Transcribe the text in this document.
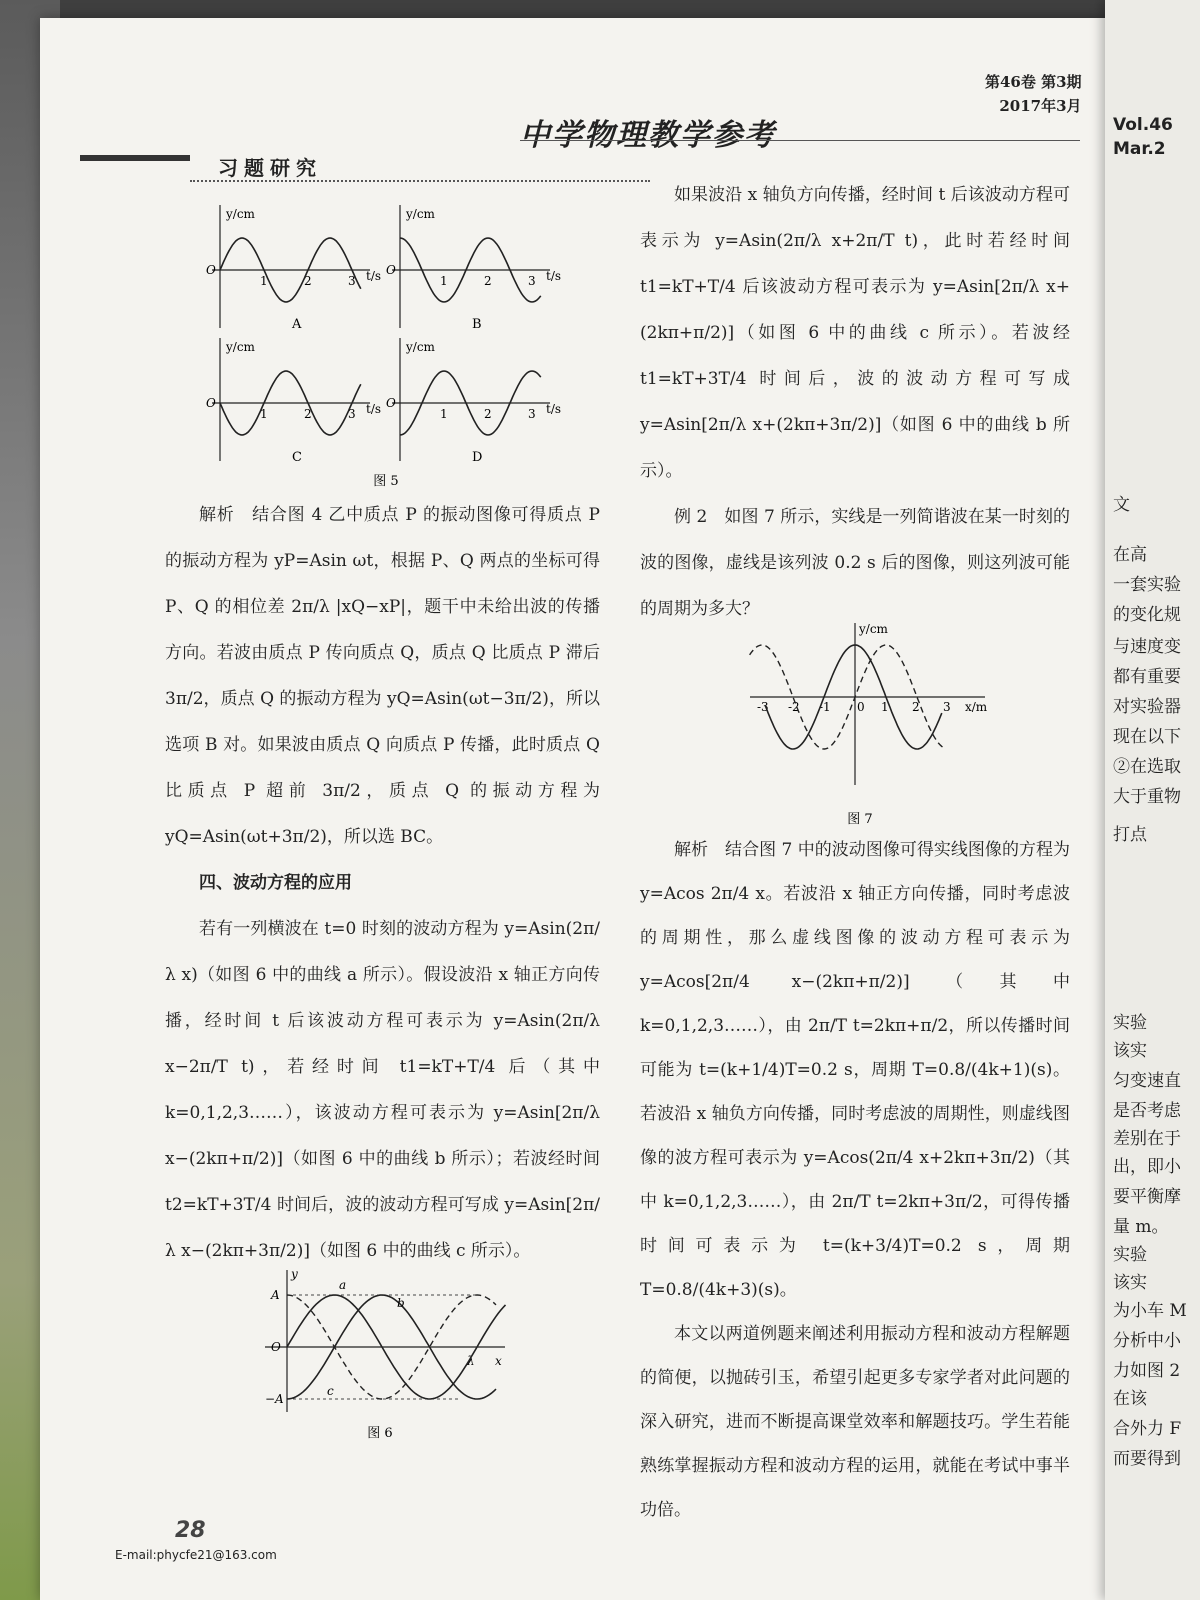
中学物理教学参考
第46卷 第3期
2017年3月
习题研究
y/cm
t/s
O
1	2	3
A
y/cm
t/s
O
1	2	3
B
y/cm
t/s
O
1	2	3
C
y/cm
t/s
O
1	2	3
D
图 5

解析　结合图 4 乙中质点 P 的振动图像可得质点 P 的振动方程为 yP=Asin ωt，根据 P、Q 两点的坐标可得 P、Q 的相位差 2π/λ |xQ−xP|，题干中未给出波的传播方向。若波由质点 P 传向质点 Q，质点 Q 比质点 P 滞后 3π/2，质点 Q 的振动方程为 yQ=Asin(ωt−3π/2)，所以选项 B 对。如果波由质点 Q 向质点 P 传播，此时质点 Q 比质点 P 超前 3π/2，质点 Q 的振动方程为 yQ=Asin(ωt+3π/2)，所以选 BC。

四、波动方程的应用

若有一列横波在 t=0 时刻的波动方程为 y=Asin(2π/λ x)（如图 6 中的曲线 a 所示）。假设波沿 x 轴正方向传播，经时间 t 后该波动方程可表示为 y=Asin(2π/λ x−2π/T t)，若经时间 t1=kT+T/4 后（其中 k=0,1,2,3……），该波动方程可表示为 y=Asin[2π/λ x−(2kπ+π/2)]（如图 6 中的曲线 b 所示）；若波经时间 t2=kT+3T/4 时间后，波的波动方程可写成 y=Asin[2π/λ x−(2kπ+3π/2)]（如图 6 中的曲线 c 所示）。

y
x
O
A
−A
λ
a
b
c
图 6

如果波沿 x 轴负方向传播，经时间 t 后该波动方程可表示为 y=Asin(2π/λ x+2π/T t)，此时若经时间 t1=kT+T/4 后该波动方程可表示为 y=Asin[2π/λ x+(2kπ+π/2)]（如图 6 中的曲线 c 所示）。若波经 t1=kT+3T/4 时间后，波的波动方程可写成 y=Asin[2π/λ x+(2kπ+3π/2)]（如图 6 中的曲线 b 所示）。

例 2　如图 7 所示，实线是一列简谐波在某一时刻的波的图像，虚线是该列波 0.2 s 后的图像，则这列波可能的周期为多大？

y/cm
x/m
0
-3 -2 -1	1 2 3
图 7

解析　结合图 7 中的波动图像可得实线图像的方程为 y=Acos 2π/4 x。若波沿 x 轴正方向传播，同时考虑波的周期性，那么虚线图像的波动方程可表示为 y=Acos[2π/4 x−(2kπ+π/2)]（其中 k=0,1,2,3……），由 2π/T t=2kπ+π/2，所以传播时间可能为 t=(k+1/4)T=0.2 s，周期 T=0.8/(4k+1)(s)。若波沿 x 轴负方向传播，同时考虑波的周期性，则虚线图像的波方程可表示为 y=Acos(2π/4 x+2kπ+3π/2)（其中 k=0,1,2,3……），由 2π/T t=2kπ+3π/2，可得传播时间可表示为 t=(k+3/4)T=0.2 s，周期 T=0.8/(4k+3)(s)。

本文以两道例题来阐述利用振动方程和波动方程解题的简便，以抛砖引玉，希望引起更多专家学者对此问题的深入研究，进而不断提高课堂效率和解题技巧。学生若能熟练掌握振动方程和波动方程的运用，就能在考试中事半功倍。

28
E-mail:phycfe21@163.com
Vol.46
Mar.2
文
在高
一套实验
的变化规
与速度变
都有重要
对实验器
现在以下
②在选取
大于重物
打点
实验
该实
匀变速直
是否考虑
差别在于
出，即小
要平衡摩
量 m。
实验
该实
为小车 M
分析中小
力如图 2
在该
合外力 F
而要得到
